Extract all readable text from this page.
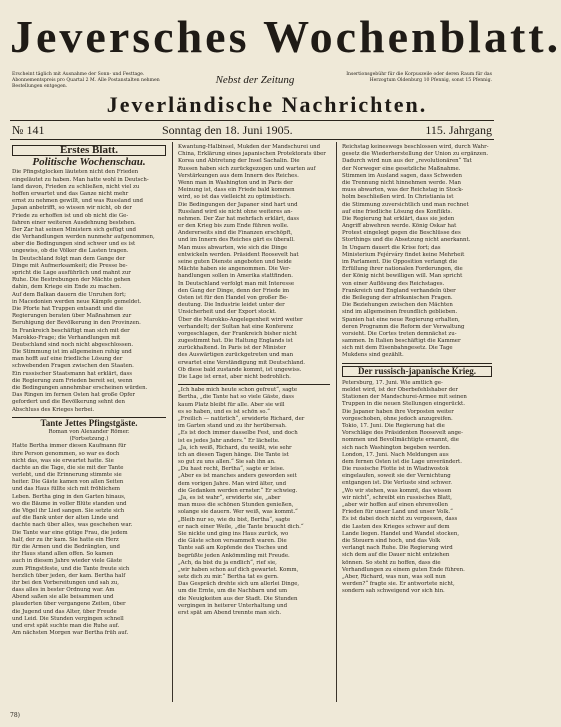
Jeversches Wochenblatt.
Erscheint täglich mit Ausnahme der Sonn- und Festtage. Abonnementspreis pro Quartal 2 M. Alle Postanstalten nehmen Bestellungen entgegen.
Nebst der Zeitung	Insertionsgebühr für die Korpuszeile oder deren Raum für das Herzogtum Oldenburg 10 Pfennig, sonst 15 Pfennig.
Jeverländische Nachrichten.
№ 141	Sonntag den 18. Juni 1905.	115. Jahrgang
Erstes Blatt.
Politische Wochenschau.
Die Pfingstglocken läuteten nicht den Frieden
eingeläutet zu haben. Man hatte wohl in Deutsch-
land davon, Frieden zu schließen, nicht viel zu
hoffen erwartet und das Ganze nicht mehr
ernst zu nehmen gewillt, und was Russland und
Japan anbetrifft, so wissen wir nicht, ob der
Friede zu erhoffen ist und ob nicht die Ge-
fahren einer weiteren Ausdehnung bestehen.
Der Zar hat seinen Ministern sich gefügt und
die Verhandlungen werden nunmehr aufgenommen,
aber die Bedingungen sind schwer und es ist
ungewiss, ob die Völker die Lasten tragen.
In Deutschland folgt man dem Gange der
Dinge mit Aufmerksamkeit; die Presse be-
spricht die Lage ausführlich und mahnt zur
Ruhe. Die Bestrebungen der Mächte gehen
dahin, dem Kriege ein Ende zu machen.
Auf dem Balkan dauern die Unruhen fort;
in Macedonien werden neue Kämpfe gemeldet.
Die Pforte hat Truppen entsandt und die
Regierungen beraten über Maßnahmen zur
Beruhigung der Bevölkerung in den Provinzen.
In Frankreich beschäftigt man sich mit der
Marokko-Frage; die Verhandlungen mit
Deutschland sind noch nicht abgeschlossen.
Die Stimmung ist im allgemeinen ruhig und
man hofft auf eine friedliche Lösung der
schwebenden Fragen zwischen den Staaten.
Ein russischer Staatsmann hat erklärt, dass
die Regierung zum Frieden bereit sei, wenn
die Bedingungen annehmbar erscheinen würden.
Das Ringen im fernen Osten hat große Opfer
gefordert und die Bevölkerung sehnt den
Abschluss des Krieges herbei.
Tante Jettes Pfingstgäste.
Roman von Alexander Römer.
(Fortsetzung.)
Hatte Bertha immer diesen Kaufmann für
ihre Person genommen, so war es doch
nicht das, was sie erwartet hatte. Sie
dachte an die Tage, die sie mit der Tante
verlebt, und die Erinnerung stimmte sie
heiter. Die Gäste kamen von allen Seiten
und das Haus füllte sich mit fröhlichem
Leben. Bertha ging in den Garten hinaus,
wo die Bäume in voller Blüte standen und
die Vögel ihr Lied sangen. Sie setzte sich
auf die Bank unter der alten Linde und
dachte nach über alles, was geschehen war.
Die Tante war eine gütige Frau, die jedem
half, der zu ihr kam. Sie hatte ein Herz
für die Armen und die Bedrängten, und
ihr Haus stand allen offen. So kamen
auch in diesem Jahre wieder viele Gäste
zum Pfingstfeste, und die Tante freute sich
herzlich über jeden, der kam. Bertha half
ihr bei den Vorbereitungen und sah zu,
dass alles in bester Ordnung war. Am
Abend saßen sie alle beisammen und
plauderten über vergangene Zeiten, über
die Jugend und das Alter, über Freude
und Leid. Die Stunden vergingen schnell
und erst spät suchte man die Ruhe auf.
Am nächsten Morgen war Bertha früh auf.
Kwantung-Halbinsel, Mukden der Mandschurei und
China, Erklärung eines japanischen Protektorats über
Korea und Abtretung der Insel Sachalin. Die
Russen haben sich zurückgezogen und warten auf
Verstärkungen aus dem Innern des Reiches.
Wenn man in Washington und in Paris der
Meinung ist, dass ein Friede bald kommen
wird, so ist das vielleicht zu optimistisch.
Die Bedingungen der Japaner sind hart und
Russland wird sie nicht ohne weiteres an-
nehmen. Der Zar hat mehrfach erklärt, dass
er den Krieg bis zum Ende führen wolle.
Andererseits sind die Finanzen erschöpft,
und im Innern des Reiches gärt es überall.
Man muss abwarten, wie sich die Dinge
entwickeln werden. Präsident Roosevelt hat
seine guten Dienste angeboten und beide
Mächte haben sie angenommen. Die Ver-
handlungen sollen in Amerika stattfinden.
In Deutschland verfolgt man mit Interesse
den Gang der Dinge, denn der Friede im
Osten ist für den Handel von großer Be-
deutung. Die Industrie leidet unter der
Unsicherheit und der Export stockt.
Über die Marokko-Angelegenheit wird weiter
verhandelt; der Sultan hat eine Konferenz
vorgeschlagen, der Frankreich bisher nicht
zugestimmt hat. Die Haltung Englands ist
zurückhaltend. In Paris ist der Minister
des Auswärtigen zurückgetreten und man
erwartet eine Verständigung mit Deutschland.
Ob diese bald zustande kommt, ist ungewiss.
Die Lage ist ernst, aber nicht bedrohlich.
„Ich habe mich heute schon gefreut“, sagte
Bertha, „die Tante hat so viele Gäste, dass
kaum Platz bleibt für alle. Aber sie will
es so haben, und es ist schön so.“
„Freilich — natürlich“, erwiderte Richard, der
im Garten stand und zu ihr herübersah.
„Es ist doch immer dasselbe Fest, und doch
ist es jedes Jahr anders.“ Er lächelte.
„Ja, ich weiß, Richard, du weißt, wie sehr
ich an diesen Tagen hänge. Die Tante ist
so gut zu uns allen.“ Sie sah ihn an.
„Du hast recht, Bertha“, sagte er leise.
„Aber es ist manches anders geworden seit
dem vorigen Jahre. Man wird älter, und
die Gedanken werden ernster.“ Er schwieg.
„Ja, es ist wahr“, erwiderte sie, „aber
man muss die schönen Stunden genießen,
solange sie dauern. Wer weiß, was kommt.“
„Bleib nur so, wie du bist, Bertha“, sagte
er nach einer Weile, „die Tante braucht dich.“
Sie nickte und ging ins Haus zurück, wo
die Gäste schon versammelt waren. Die
Tante saß am Kopfende des Tisches und
begrüßte jeden Ankömmling mit Freude.
„Ach, da bist du ja endlich“, rief sie,
„wir haben schon auf dich gewartet. Komm,
setz dich zu mir.“ Bertha tat es gern.
Das Gespräch drehte sich um allerlei Dinge,
um die Ernte, um die Nachbarn und um
die Neuigkeiten aus der Stadt. Die Stunden
vergingen in heiterer Unterhaltung und
erst spät am Abend trennte man sich.
Reichstag keineswegs beschlossen wird, durch Wahr-
gesetz die Wiederherstellung der Union zu ergänzen.
Dadurch wird nun aus der „revolutionären“ Tat
der Norweger eine gesetzliche Maßnahme.
Stimmen im Ausland sagen, dass Schweden
die Trennung nicht hinnehmen werde. Man
muss abwarten, was der Reichstag in Stock-
holm beschließen wird. In Christiania ist
die Stimmung zuversichtlich und man rechnet
auf eine friedliche Lösung des Konflikts.
Die Regierung hat erklärt, dass sie jeden
Angriff abwehren werde. König Oskar hat
Protest eingelegt gegen die Beschlüsse des
Storthings und die Absetzung nicht anerkannt.
In Ungarn dauert die Krise fort; das
Ministerium Fejérváry findet keine Mehrheit
im Parlament. Die Opposition verlangt die
Erfüllung ihrer nationalen Forderungen, die
der König nicht bewilligen will. Man spricht
von einer Auflösung des Reichstages.
Frankreich und England verhandeln über
die Beilegung der afrikanischen Fragen.
Die Beziehungen zwischen den Mächten
sind im allgemeinen freundlich geblieben.
Spanien hat eine neue Regierung erhalten,
deren Programm die Reform der Verwaltung
vorsieht. Die Cortes treten demnächst zu-
sammen. In Italien beschäftigt die Kammer
sich mit dem Eisenbahngesetz. Die Tage
Mukdens sind gezählt.
Der russisch-japanische Krieg.
Petersburg, 17. Juni. Wie amtlich ge-
meldet wird, ist der Oberbefehlshaber der
Stationen der Mandschurei-Armee mit seinen
Truppen in die neuen Stellungen eingerückt.
Die Japaner haben ihre Vorposten weiter
vorgeschoben, ohne jedoch anzugreifen.
Tokio, 17. Juni. Die Regierung hat die
Vorschläge des Präsidenten Roosevelt ange-
nommen und Bevollmächtigte ernannt, die
sich nach Washington begeben werden.
London, 17. Juni. Nach Meldungen aus
dem fernen Osten ist die Lage unverändert.
Die russische Flotte ist in Wladiwostok
eingelaufen, soweit sie der Vernichtung
entgangen ist. Die Verluste sind schwer.
„Wo wir stehen, was kommt, das wissen
wir nicht“, schreibt ein russisches Blatt,
„aber wir hoffen auf einen ehrenvollen
Frieden für unser Land und unser Volk.“
Es ist dabei doch nicht zu vergessen, dass
die Lasten des Krieges schwer auf dem
Lande liegen. Handel und Wandel stocken,
die Steuern sind hoch, und das Volk
verlangt nach Ruhe. Die Regierung wird
sich dem auf die Dauer nicht entziehen
können. So steht zu hoffen, dass die
Verhandlungen zu einem guten Ende führen.
„Aber, Richard, was nun, was soll nun
werden?“ fragte sie. Er antwortete nicht,
sondern sah schweigend vor sich hin.
78)
